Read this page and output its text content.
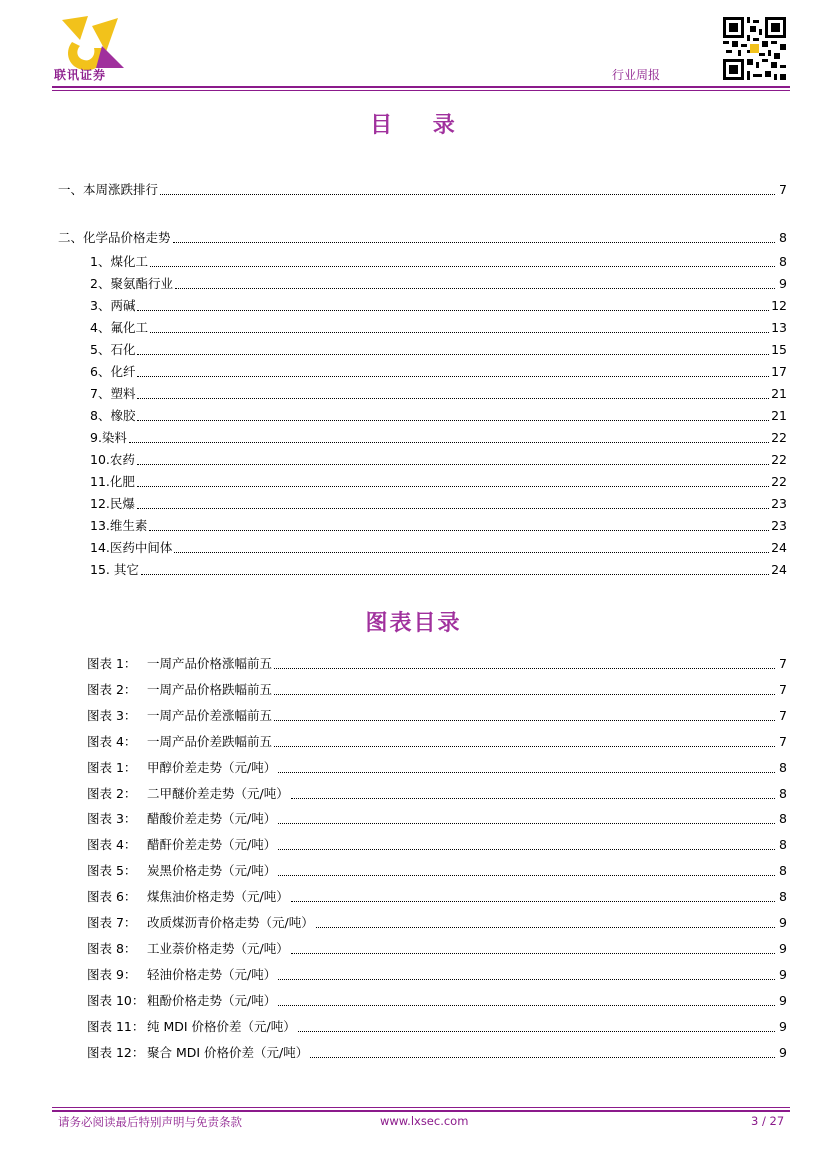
联讯证券	行业周报
目    录
一、本周涨跌排行	7
二、化学品价格走势	8
1、煤化工	8
2、聚氨酯行业	9
3、两碱	12
4、氟化工	13
5、石化	15
6、化纤	17
7、塑料	21
8、橡胶	21
9.染料	22
10.农药	22
11.化肥	22
12.民爆	23
13.维生素	23
14.医药中间体	24
15. 其它	24
图表目录
图表 1： 一周产品价格涨幅前五	7
图表 2： 一周产品价格跌幅前五	7
图表 3： 一周产品价差涨幅前五	7
图表 4： 一周产品价差跌幅前五	7
图表 1： 甲醇价差走势（元/吨）	8
图表 2： 二甲醚价差走势（元/吨）	8
图表 3： 醋酸价差走势（元/吨）	8
图表 4： 醋酐价差走势（元/吨）	8
图表 5： 炭黑价格走势（元/吨）	8
图表 6： 煤焦油价格走势（元/吨）	8
图表 7： 改质煤沥青价格走势（元/吨）	9
图表 8： 工业萘价格走势（元/吨）	9
图表 9： 轻油价格走势（元/吨）	9
图表 10： 粗酚价格走势（元/吨）	9
图表 11： 纯 MDI 价格价差（元/吨）	9
图表 12： 聚合 MDI 价格价差（元/吨）	9
请务必阅读最后特别声明与免责条款	www.lxsec.com	3 / 27
